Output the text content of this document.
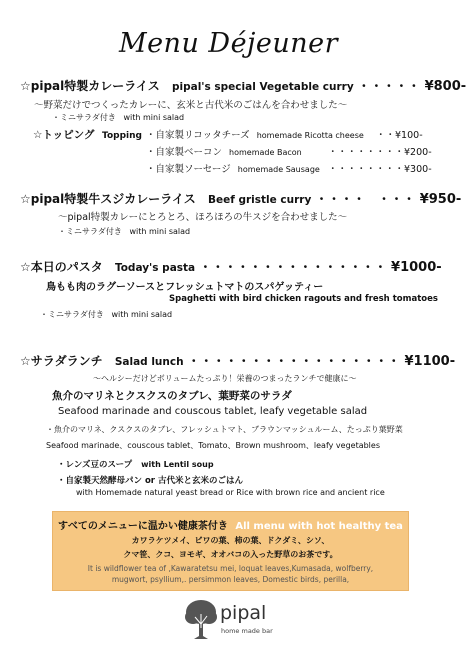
Menu Déjeuner
☆pipal特製カレーライス pipal's special Vegetable curry ・・・・・ ¥800-
〜野菜だけでつくったカレーに、玄米と古代米のごはんを合わせました〜
・ミニサラダ付き with mini salad
☆トッピング Topping ・自家製リコッタチーズ homemade Ricotta cheese ・・¥100-
・自家製ベーコン homemade Bacon	・・・・・・・・¥200-
・自家製ソーセージ homemade Sausage ・・・・・・・・¥300-
☆pipal特製牛スジカレーライス Beef gristle curry ・・・・　・・・ ¥950-
〜pipal特製カレーにとろとろ、ほろほろの牛スジを合わせました〜
・ミニサラダ付き with mini salad
☆本日のパスタ Today's pasta ・・・・・・・・・・・・・・・ ¥1000-
鳥もも肉のラグーソースとフレッシュトマトのスパゲッティー
Spaghetti with bird chicken ragouts and fresh tomatoes
・ミニサラダ付き with mini salad
☆サラダランチ Salad lunch ・・・・・・・・・・・・・・・・・ ¥1100-
〜ヘルシーだけどボリュームたっぷり！栄養のつまったランチで健康に〜
魚介のマリネとクスクスのタブレ、葉野菜のサラダ
Seafood marinade and couscous tablet, leafy vegetable salad
・魚介のマリネ、クスクスのタブレ、フレッシュトマト、ブラウンマッシュルーム、たっぷり葉野菜
Seafood marinade、couscous tablet、Tomato、Brown mushroom、leafy vegetables
・レンズ豆のスープ with Lentil soup
・自家製天然酵母パン or 古代米と玄米のごはん
with Homemade natural yeast bread or Rice with brown rice and ancient rice
すべてのメニューに温かい健康茶付き All menu with hot healthy tea
カワラケツメイ、ビワの葉、柿の葉、ドクダミ、シソ、
クマ笹、クコ、ヨモギ、オオバコの入った野草のお茶です。
It is wildflower tea of ,Kawaratetsu mei, loquat leaves,Kumasada, wolfberry,
mugwort, psyllium,. persimmon leaves, Domestic birds, perilla,
pipal
home made bar
